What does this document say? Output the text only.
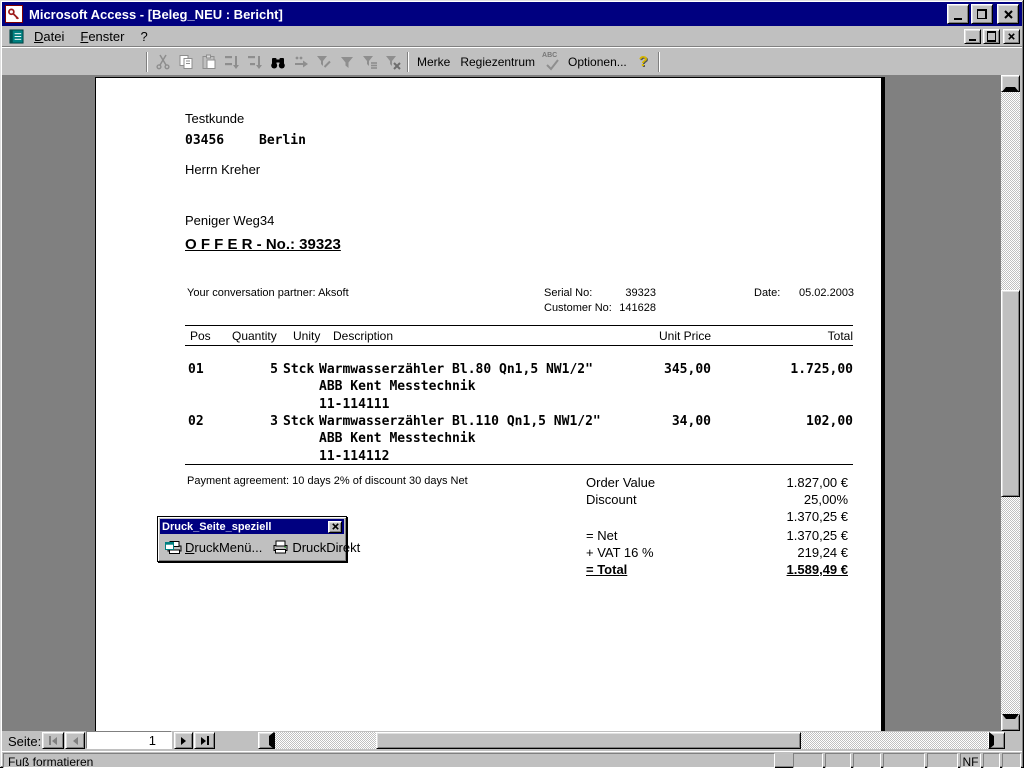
Microsoft Access - [Beleg_NEU : Bericht]
Datei	Fenster	?
Merke Regiezentrum	ABC Optionen... ?

Testkunde

Herrn Kreher

Peniger Weg34

03456	Berlin
O F F E R - No.: 39323
Your conversation partner: Aksoft	Serial No:	39323	Date: 05.02.2003
Customer No: 141628
Pos Quantity Unity Description	Unit Price	Total
01	5 Stck Warmwasserzähler Bl.80 Qn1,5 NW1/2"	345,00	1.725,00
ABB Kent Messtechnik
11-114111
02	3 Stck Warmwasserzähler Bl.110 Qn1,5 NW1/2"	34,00	102,00
ABB Kent Messtechnik
11-114112
Payment agreement: 10 days 2% of discount 30 days Net	Order Value	1.827,00 €
Discount	25,00%
1.370,25 €
= Net	1.370,25 €
+ VAT 16 %	219,24 €
= Total	1.589,49 €
Druck_Seite_speziell
DruckMenü... DruckDirekt
Seite:
1
Fuß formatieren	NF
